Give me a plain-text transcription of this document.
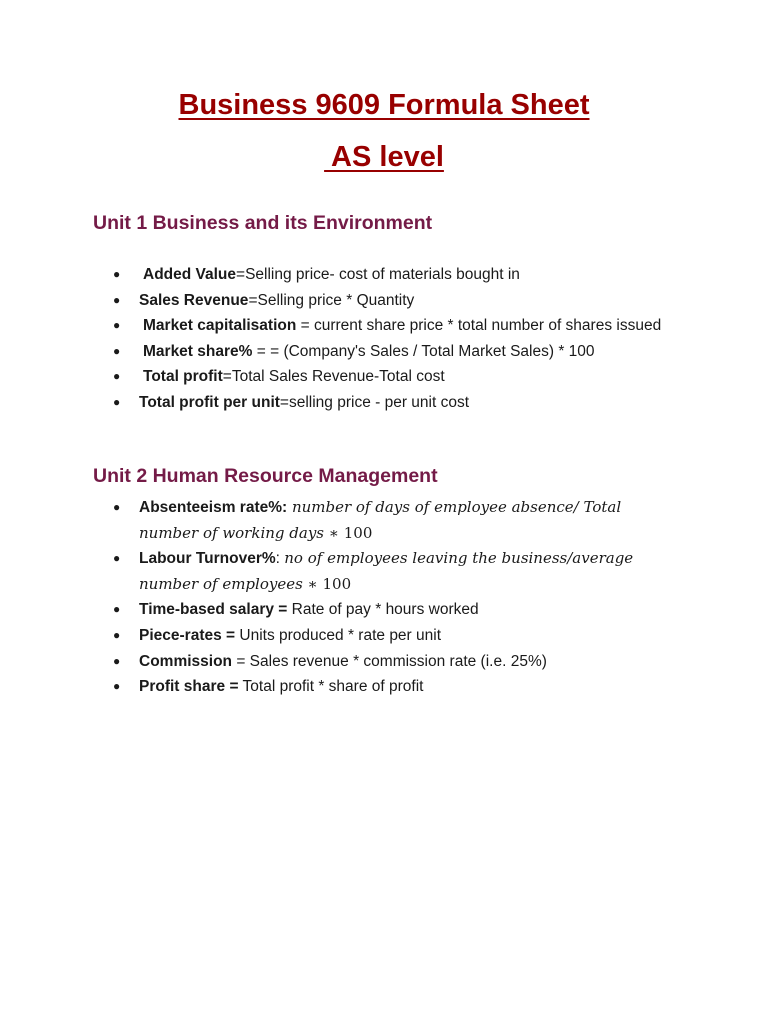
Business 9609 Formula Sheet
AS level
Unit 1 Business and its Environment
● Added Value=Selling price- cost of materials bought in
● Sales Revenue=Selling price * Quantity
● Market capitalisation = current share price * total number of shares issued
● Market share% = = (Company's Sales / Total Market Sales) * 100
● Total profit=Total Sales Revenue-Total cost
● Total profit per unit=selling price - per unit cost
Unit 2 Human Resource Management
● Absenteeism rate%: number of days of employee absence/ Total number of working days ∗ 100
● Labour Turnover%: no of employees leaving the business/average number of employees ∗ 100
● Time-based salary = Rate of pay * hours worked
● Piece-rates = Units produced * rate per unit
● Commission = Sales revenue * commission rate (i.e. 25%)
● Profit share = Total profit * share of profit
